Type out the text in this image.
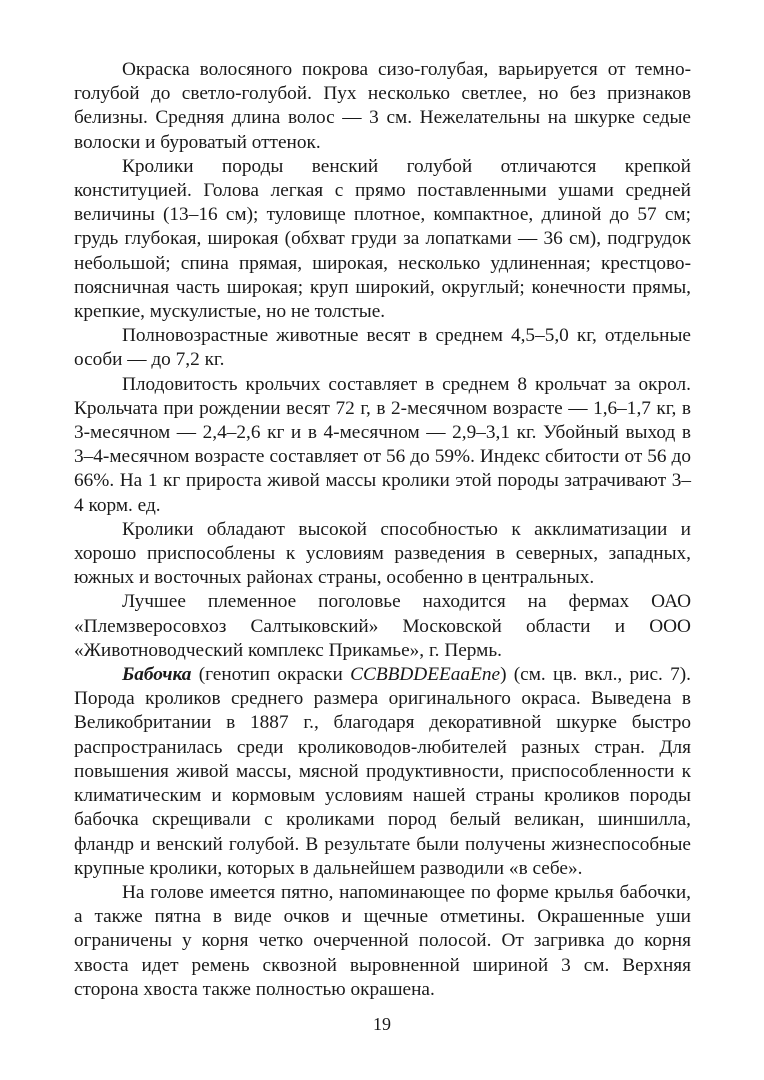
Окраска волосяного покрова сизо-голубая, варьируется от темно-голубой до светло-голубой. Пух несколько светлее, но без признаков белизны. Средняя длина волос — 3 см. Нежелательны на шкурке седые волоски и буроватый оттенок.

Кролики породы венский голубой отличаются крепкой конституцией. Голова легкая с прямо поставленными ушами средней величины (13–16 см); туловище плотное, компактное, длиной до 57 см; грудь глубокая, широкая (обхват груди за лопатками — 36 см), подгрудок небольшой; спина прямая, широкая, несколько удлиненная; крестцово-поясничная часть широкая; круп широкий, округлый; конечности прямы, крепкие, мускулистые, но не толстые.

Полновозрастные животные весят в среднем 4,5–5,0 кг, отдельные особи — до 7,2 кг.

Плодовитость крольчих составляет в среднем 8 крольчат за окрол. Крольчата при рождении весят 72 г, в 2-месячном возрасте — 1,6–1,7 кг, в 3-месячном — 2,4–2,6 кг и в 4-месячном — 2,9–3,1 кг. Убойный выход в 3–4-месячном возрасте составляет от 56 до 59%. Индекс сбитости от 56 до 66%. На 1 кг прироста живой массы кролики этой породы затрачивают 3–4 корм. ед.

Кролики обладают высокой способностью к акклиматизации и хорошо приспособлены к условиям разведения в северных, западных, южных и восточных районах страны, особенно в центральных.

Лучшее племенное поголовье находится на фермах ОАО «Племзверосовхоз Салтыковский» Московской области и ООО «Животноводческий комплекс Прикамье», г. Пермь.

Бабочка (генотип окраски CCBBDDEEaaEne) (см. цв. вкл., рис. 7). Порода кроликов среднего размера оригинального окраса. Выведена в Великобритании в 1887 г., благодаря декоративной шкурке быстро распространилась среди кролиководов-любителей разных стран. Для повышения живой массы, мясной продуктивности, приспособленности к климатическим и кормовым условиям нашей страны кроликов породы бабочка скрещивали с кроликами пород белый великан, шиншилла, фландр и венский голубой. В результате были получены жизнеспособные крупные кролики, которых в дальнейшем разводили «в себе».

На голове имеется пятно, напоминающее по форме крылья бабочки, а также пятна в виде очков и щечные отметины. Окрашенные уши ограничены у корня четко очерченной полосой. От загривка до корня хвоста идет ремень сквозной выровненной шириной 3 см. Верхняя сторона хвоста также полностью окрашена.

19
